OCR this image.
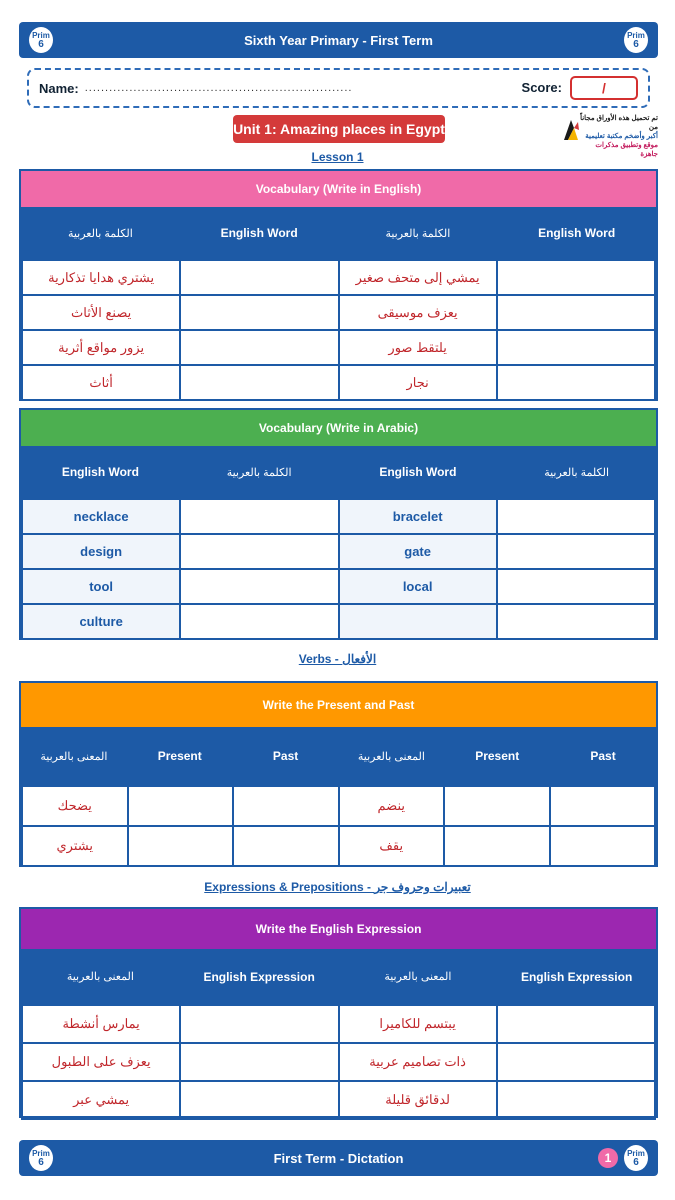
Prim
6	Sixth Year Primary - First Term	Prim
6
Name: ..................................................................	Score:	/
Unit 1: Amazing places in Egypt
تم تحميل هذه الأوراق مجاناً من
أكبر وأضخم مكتبة تعليمية
موقع وتطبيق مذكرات جاهزة
Lesson 1
Vocabulary (Write in English)
الكلمة بالعربية	English Word	الكلمة بالعربية	English Word
يشتري هدايا تذكارية		يمشي إلى متحف صغير	
يصنع الأثاث		يعزف موسيقى	
يزور مواقع أثرية		يلتقط صور	
أثاث		نجار	
Vocabulary (Write in Arabic)
English Word	الكلمة بالعربية	English Word	الكلمة بالعربية
necklace		bracelet	
design		gate	
tool		local	
culture			
Verbs - الأفعال
Write the Present and Past
المعنى بالعربية	Present	Past	المعنى بالعربية	Present	Past
يضحك			ينضم		
يشتري			يقف		
Expressions & Prepositions - تعبيرات وحروف جر
Write the English Expression
المعنى بالعربية	English Expression	المعنى بالعربية	English Expression
يمارس أنشطة		يبتسم للكاميرا	
يعزف على الطبول		ذات تصاميم عربية	
يمشي عبر		لدقائق قليلة	
Prim
6	First Term - Dictation	1	Prim
6
